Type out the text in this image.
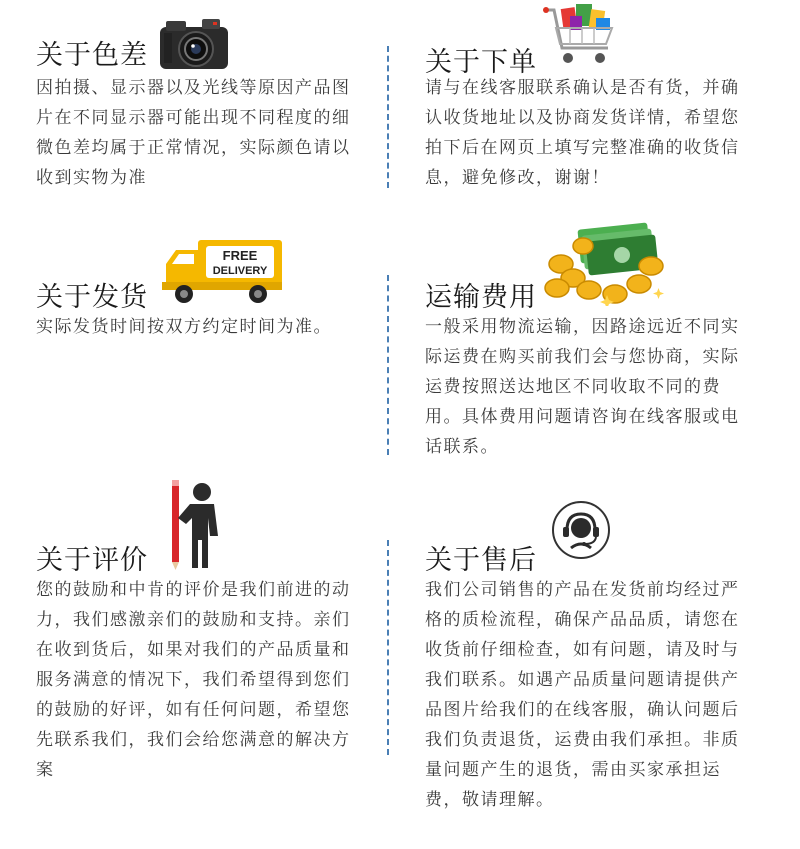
关于色差
因拍摄、显示器以及光线等原因产品图片在不同显示器可能出现不同程度的细微色差均属于正常情况，实际颜色请以收到实物为准
关于下单
请与在线客服联系确认是否有货，并确认收货地址以及协商发货详情，希望您拍下后在网页上填写完整准确的收货信息，避免修改，谢谢！
FREE
DELIVERY
关于发货
实际发货时间按双方约定时间为准。
运输费用
一般采用物流运输，因路途远近不同实际运费在购买前我们会与您协商，实际运费按照送达地区不同收取不同的费用。具体费用问题请咨询在线客服或电话联系。
关于评价
您的鼓励和中肯的评价是我们前进的动力，我们感激亲们的鼓励和支持。亲们在收到货后，如果对我们的产品质量和服务满意的情况下，我们希望得到您们的鼓励的好评，如有任何问题，希望您先联系我们，我们会给您满意的解决方案
关于售后
我们公司销售的产品在发货前均经过严格的质检流程，确保产品品质，请您在收货前仔细检查，如有问题，请及时与我们联系。如遇产品质量问题请提供产品图片给我们的在线客服，确认问题后我们负责退货，运费由我们承担。非质量问题产生的退货，需由买家承担运费，敬请理解。
